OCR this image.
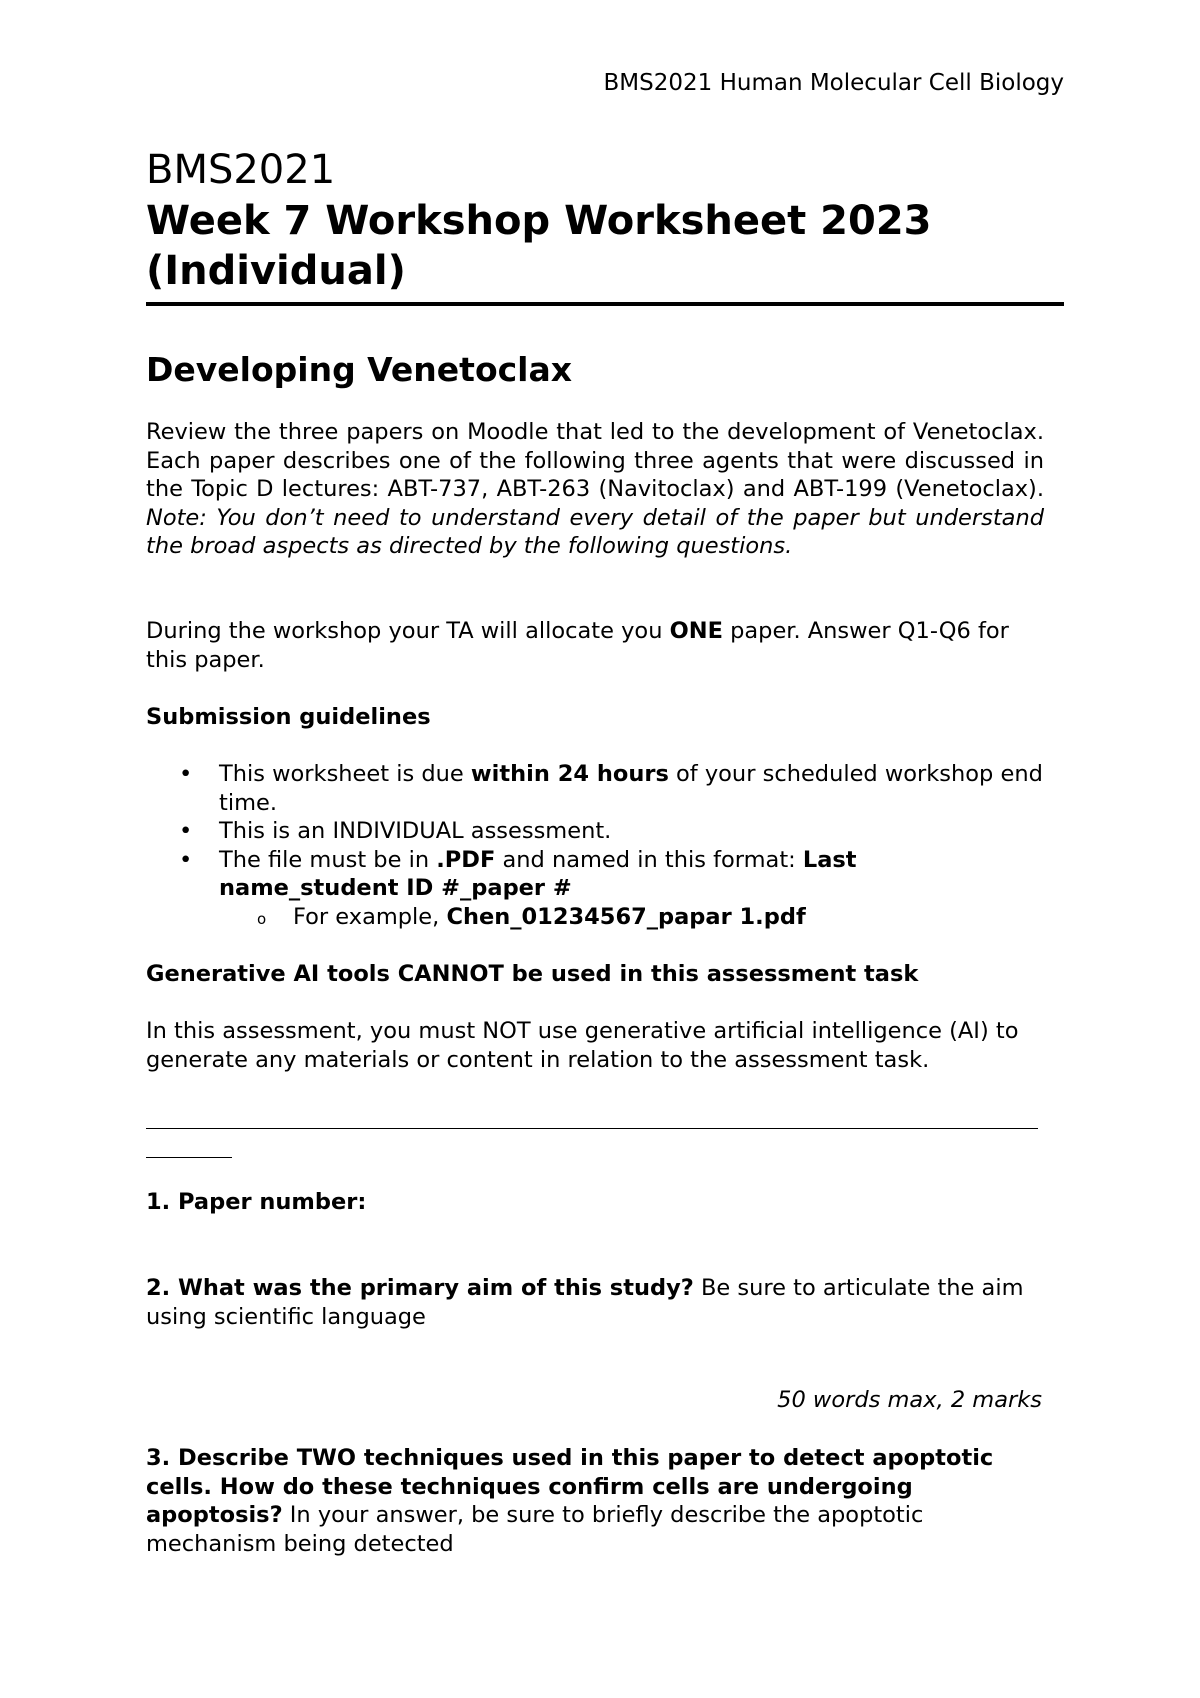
BMS2021 Human Molecular Cell Biology
BMS2021
Week 7 Workshop Worksheet 2023
(Individual)
Developing Venetoclax
Review the three papers on Moodle that led to the development of Venetoclax. Each paper describes one of the following three agents that were discussed in the Topic D lectures: ABT-737, ABT-263 (Navitoclax) and ABT-199 (Venetoclax). Note: You don’t need to understand every detail of the paper but understand the broad aspects as directed by the following questions.
During the workshop your TA will allocate you ONE paper. Answer Q1-Q6 for this paper.
Submission guidelines
• This worksheet is due within 24 hours of your scheduled workshop end time.
• This is an INDIVIDUAL assessment.
• The file must be in .PDF and named in this format: Last name_student ID #_paper #
o For example, Chen_01234567_papar 1.pdf
Generative AI tools CANNOT be used in this assessment task
In this assessment, you must NOT use generative artificial intelligence (AI) to generate any materials or content in relation to the assessment task.
1. Paper number:
2. What was the primary aim of this study? Be sure to articulate the aim using scientific language
50 words max, 2 marks
3. Describe TWO techniques used in this paper to detect apoptotic cells. How do these techniques confirm cells are undergoing apoptosis? In your answer, be sure to briefly describe the apoptotic mechanism being detected
